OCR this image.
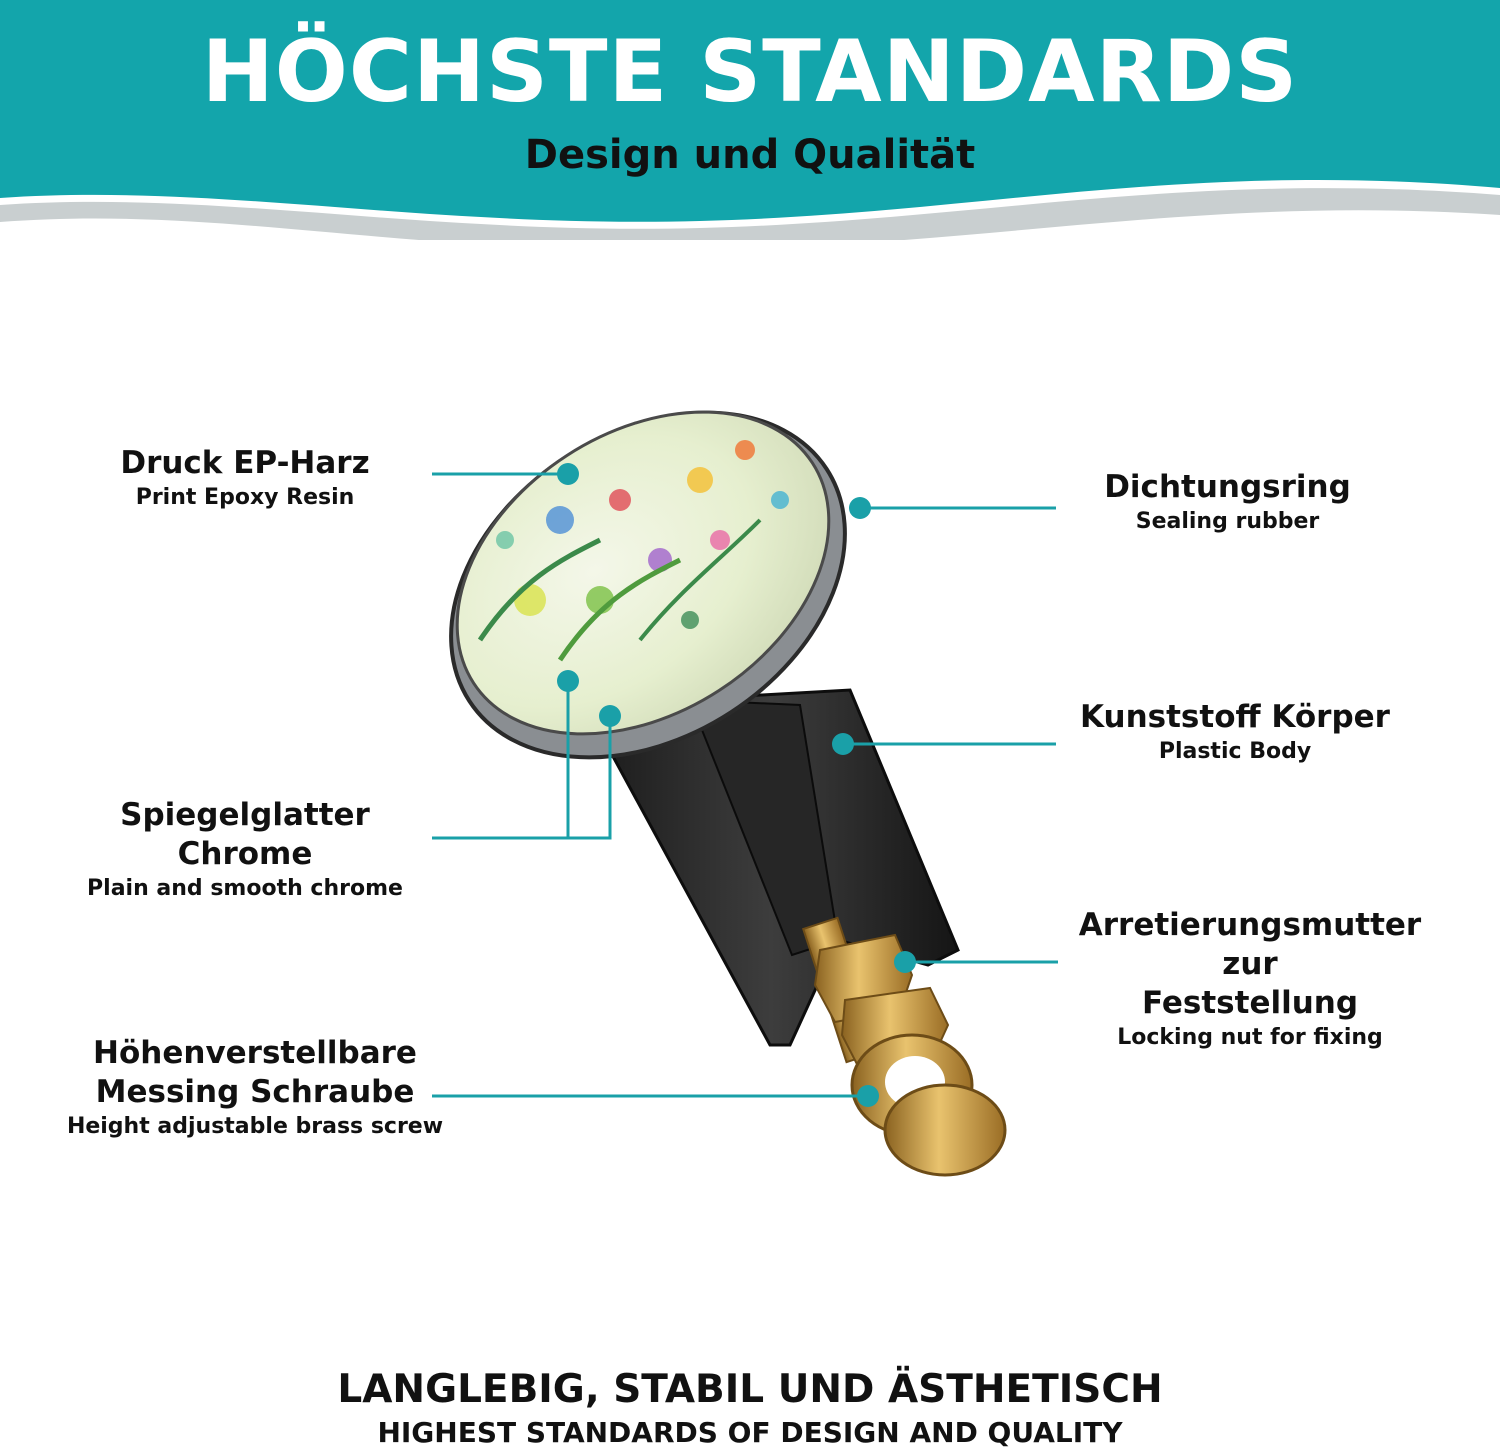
HÖCHSTE STANDARDS
Design und Qualität
Druck EP-Harz
Print Epoxy Resin	Dichtungsring
Sealing rubber
Kunststoff Körper
Plastic Body
Spiegelglatter Chrome
Plain and smooth chrome
Arretierungsmutter zur
Feststellung
Locking nut for fixing
Höhenverstellbare
Messing Schraube
Height adjustable brass screw
LANGLEBIG, STABIL UND ÄSTHETISCH
HIGHEST STANDARDS OF DESIGN AND QUALITY
